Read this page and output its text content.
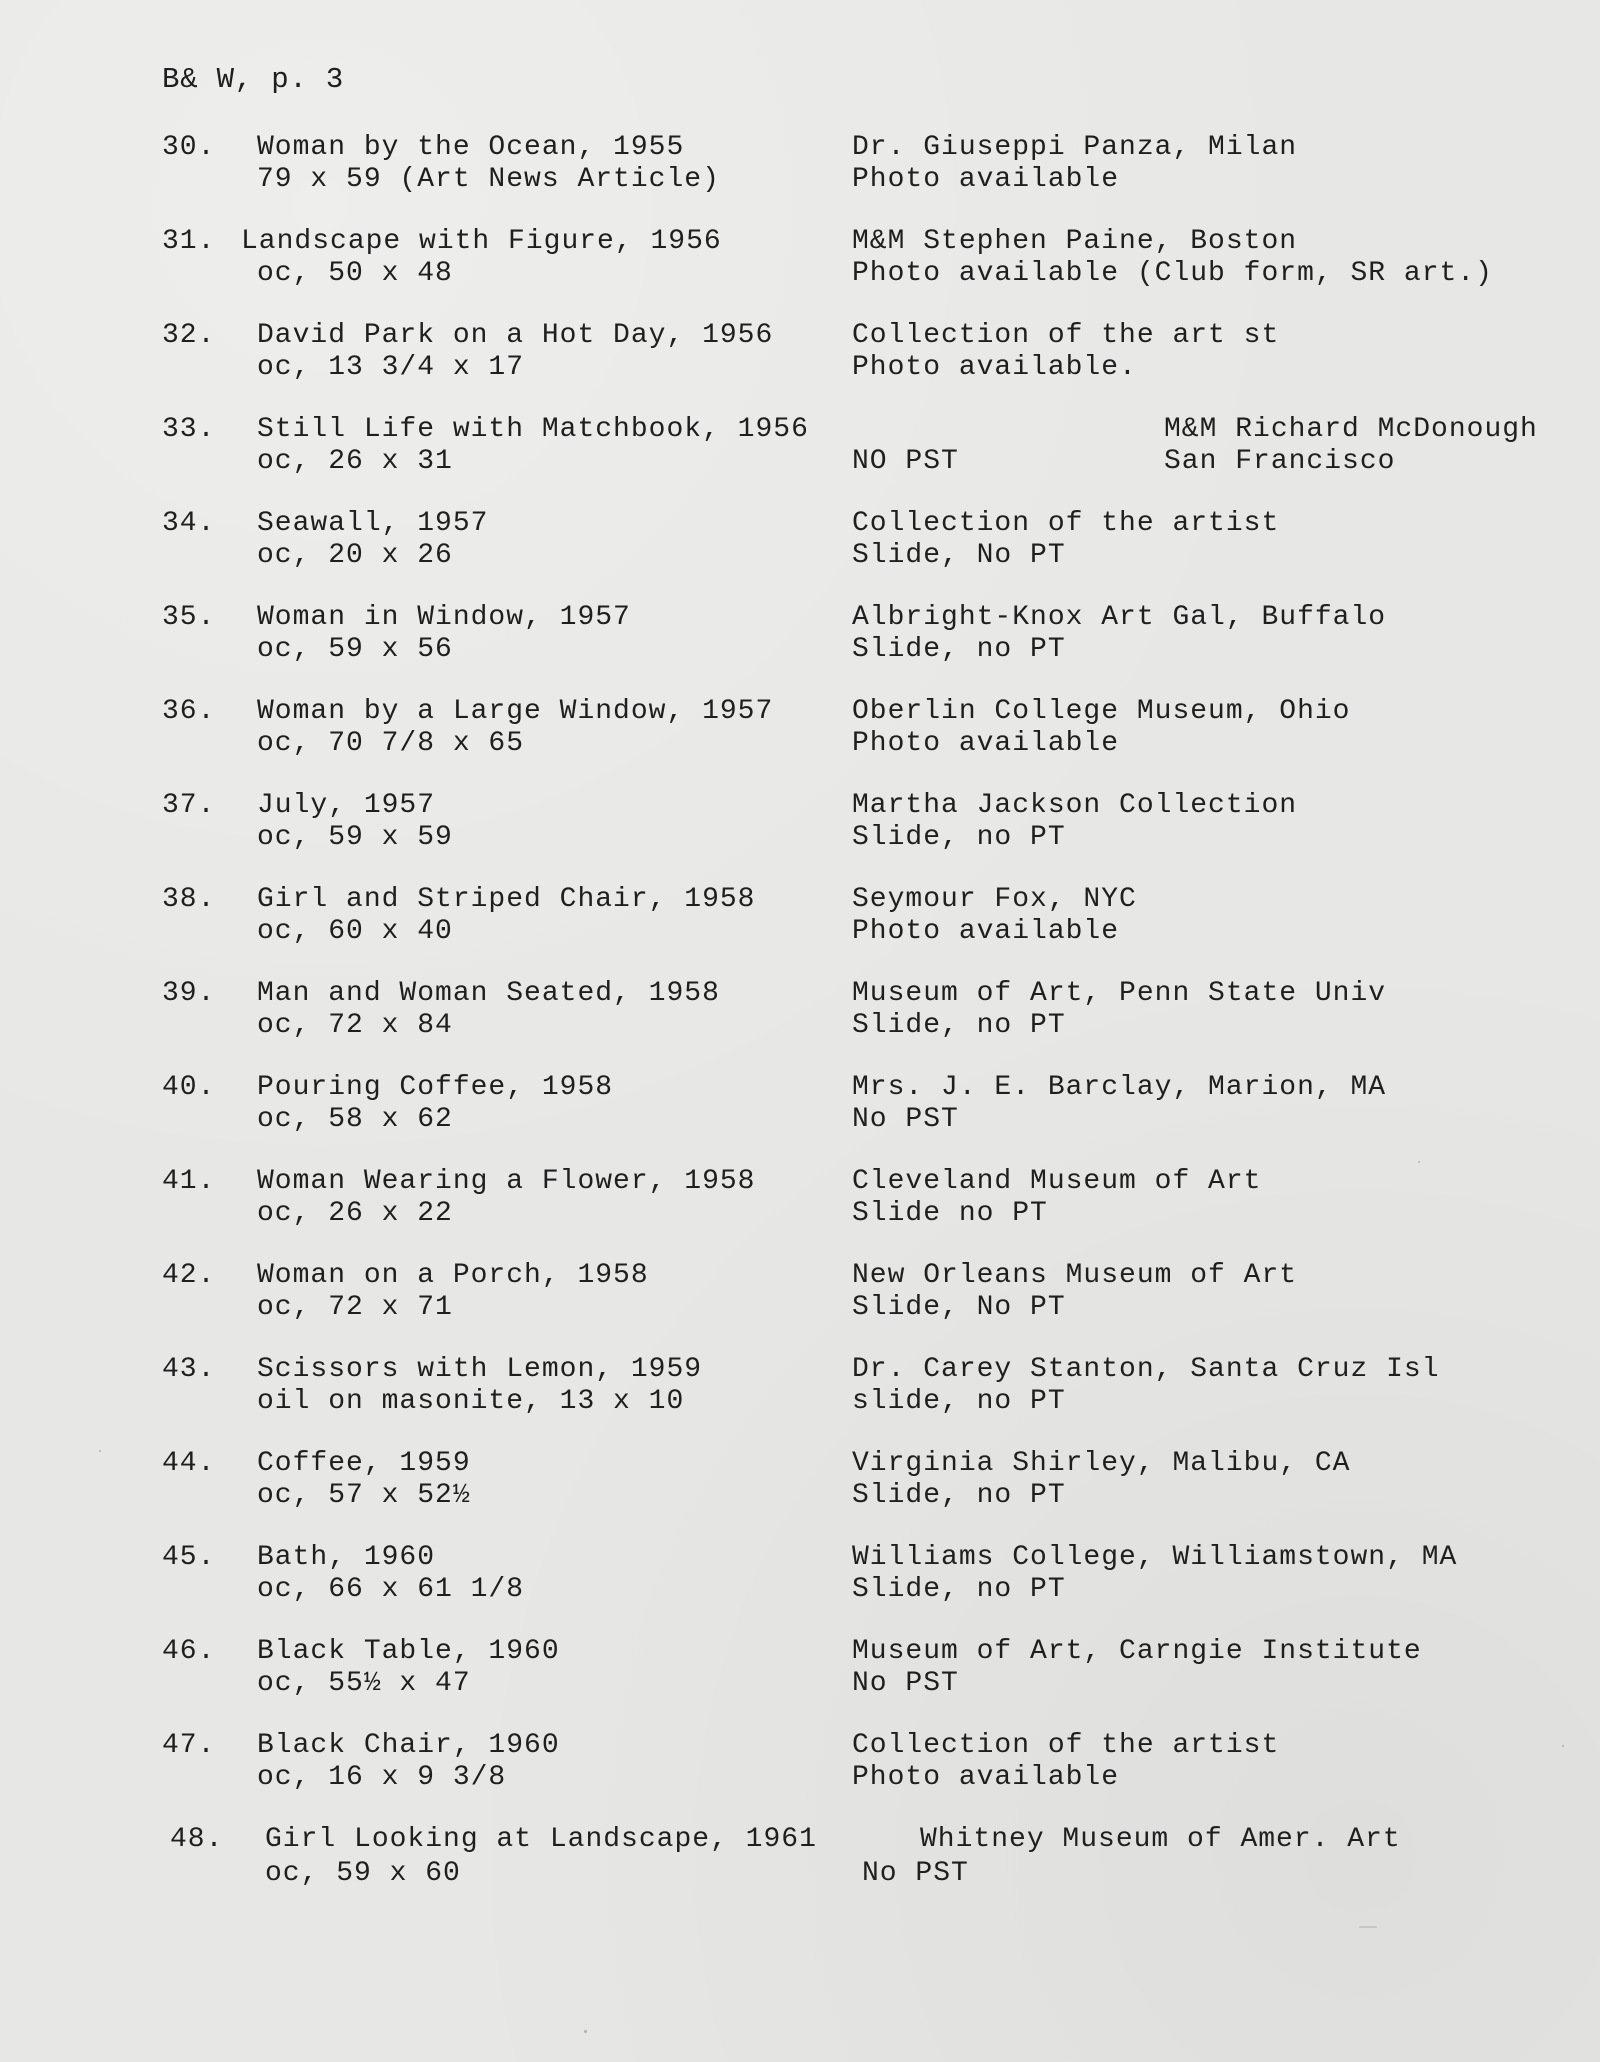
B& W, p. 3
30. Woman by the Ocean, 1955
79 x 59 (Art News Article)
Dr. Giuseppi Panza, Milan
Photo available
31. Landscape with Figure, 1956
oc, 50 x 48
M&M Stephen Paine, Boston
Photo available (Club form, SR art.)
32. David Park on a Hot Day, 1956
oc, 13 3/4 x 17
Collection of the art st
Photo available.
33. Still Life with Matchbook, 1956
oc, 26 x 31
M&M Richard McDonough
NO PST	San Francisco
34. Seawall, 1957
oc, 20 x 26
Collection of the artist
Slide, No PT
35. Woman in Window, 1957
oc, 59 x 56
Albright-Knox Art Gal, Buffalo
Slide, no PT
36. Woman by a Large Window, 1957
oc, 70 7/8 x 65
Oberlin College Museum, Ohio
Photo available
37. July, 1957
oc, 59 x 59
Martha Jackson Collection
Slide, no PT
38. Girl and Striped Chair, 1958
oc, 60 x 40
Seymour Fox, NYC
Photo available
39. Man and Woman Seated, 1958
oc, 72 x 84
Museum of Art, Penn State Univ
Slide, no PT
40. Pouring Coffee, 1958
oc, 58 x 62
Mrs. J. E. Barclay, Marion, MA
No PST
41. Woman Wearing a Flower, 1958
oc, 26 x 22
Cleveland Museum of Art
Slide no PT
42. Woman on a Porch, 1958
oc, 72 x 71
New Orleans Museum of Art
Slide, No PT
43. Scissors with Lemon, 1959
oil on masonite, 13 x 10
Dr. Carey Stanton, Santa Cruz Isl
slide, no PT
44. Coffee, 1959
oc, 57 x 52½
Virginia Shirley, Malibu, CA
Slide, no PT
45. Bath, 1960
oc, 66 x 61 1/8
Williams College, Williamstown, MA
Slide, no PT
46. Black Table, 1960
oc, 55½ x 47
Museum of Art, Carngie Institute
No PST
47. Black Chair, 1960
oc, 16 x 9 3/8
Collection of the artist
Photo available
48. Girl Looking at Landscape, 1961
oc, 59 x 60
Whitney Museum of Amer. Art
No PST
